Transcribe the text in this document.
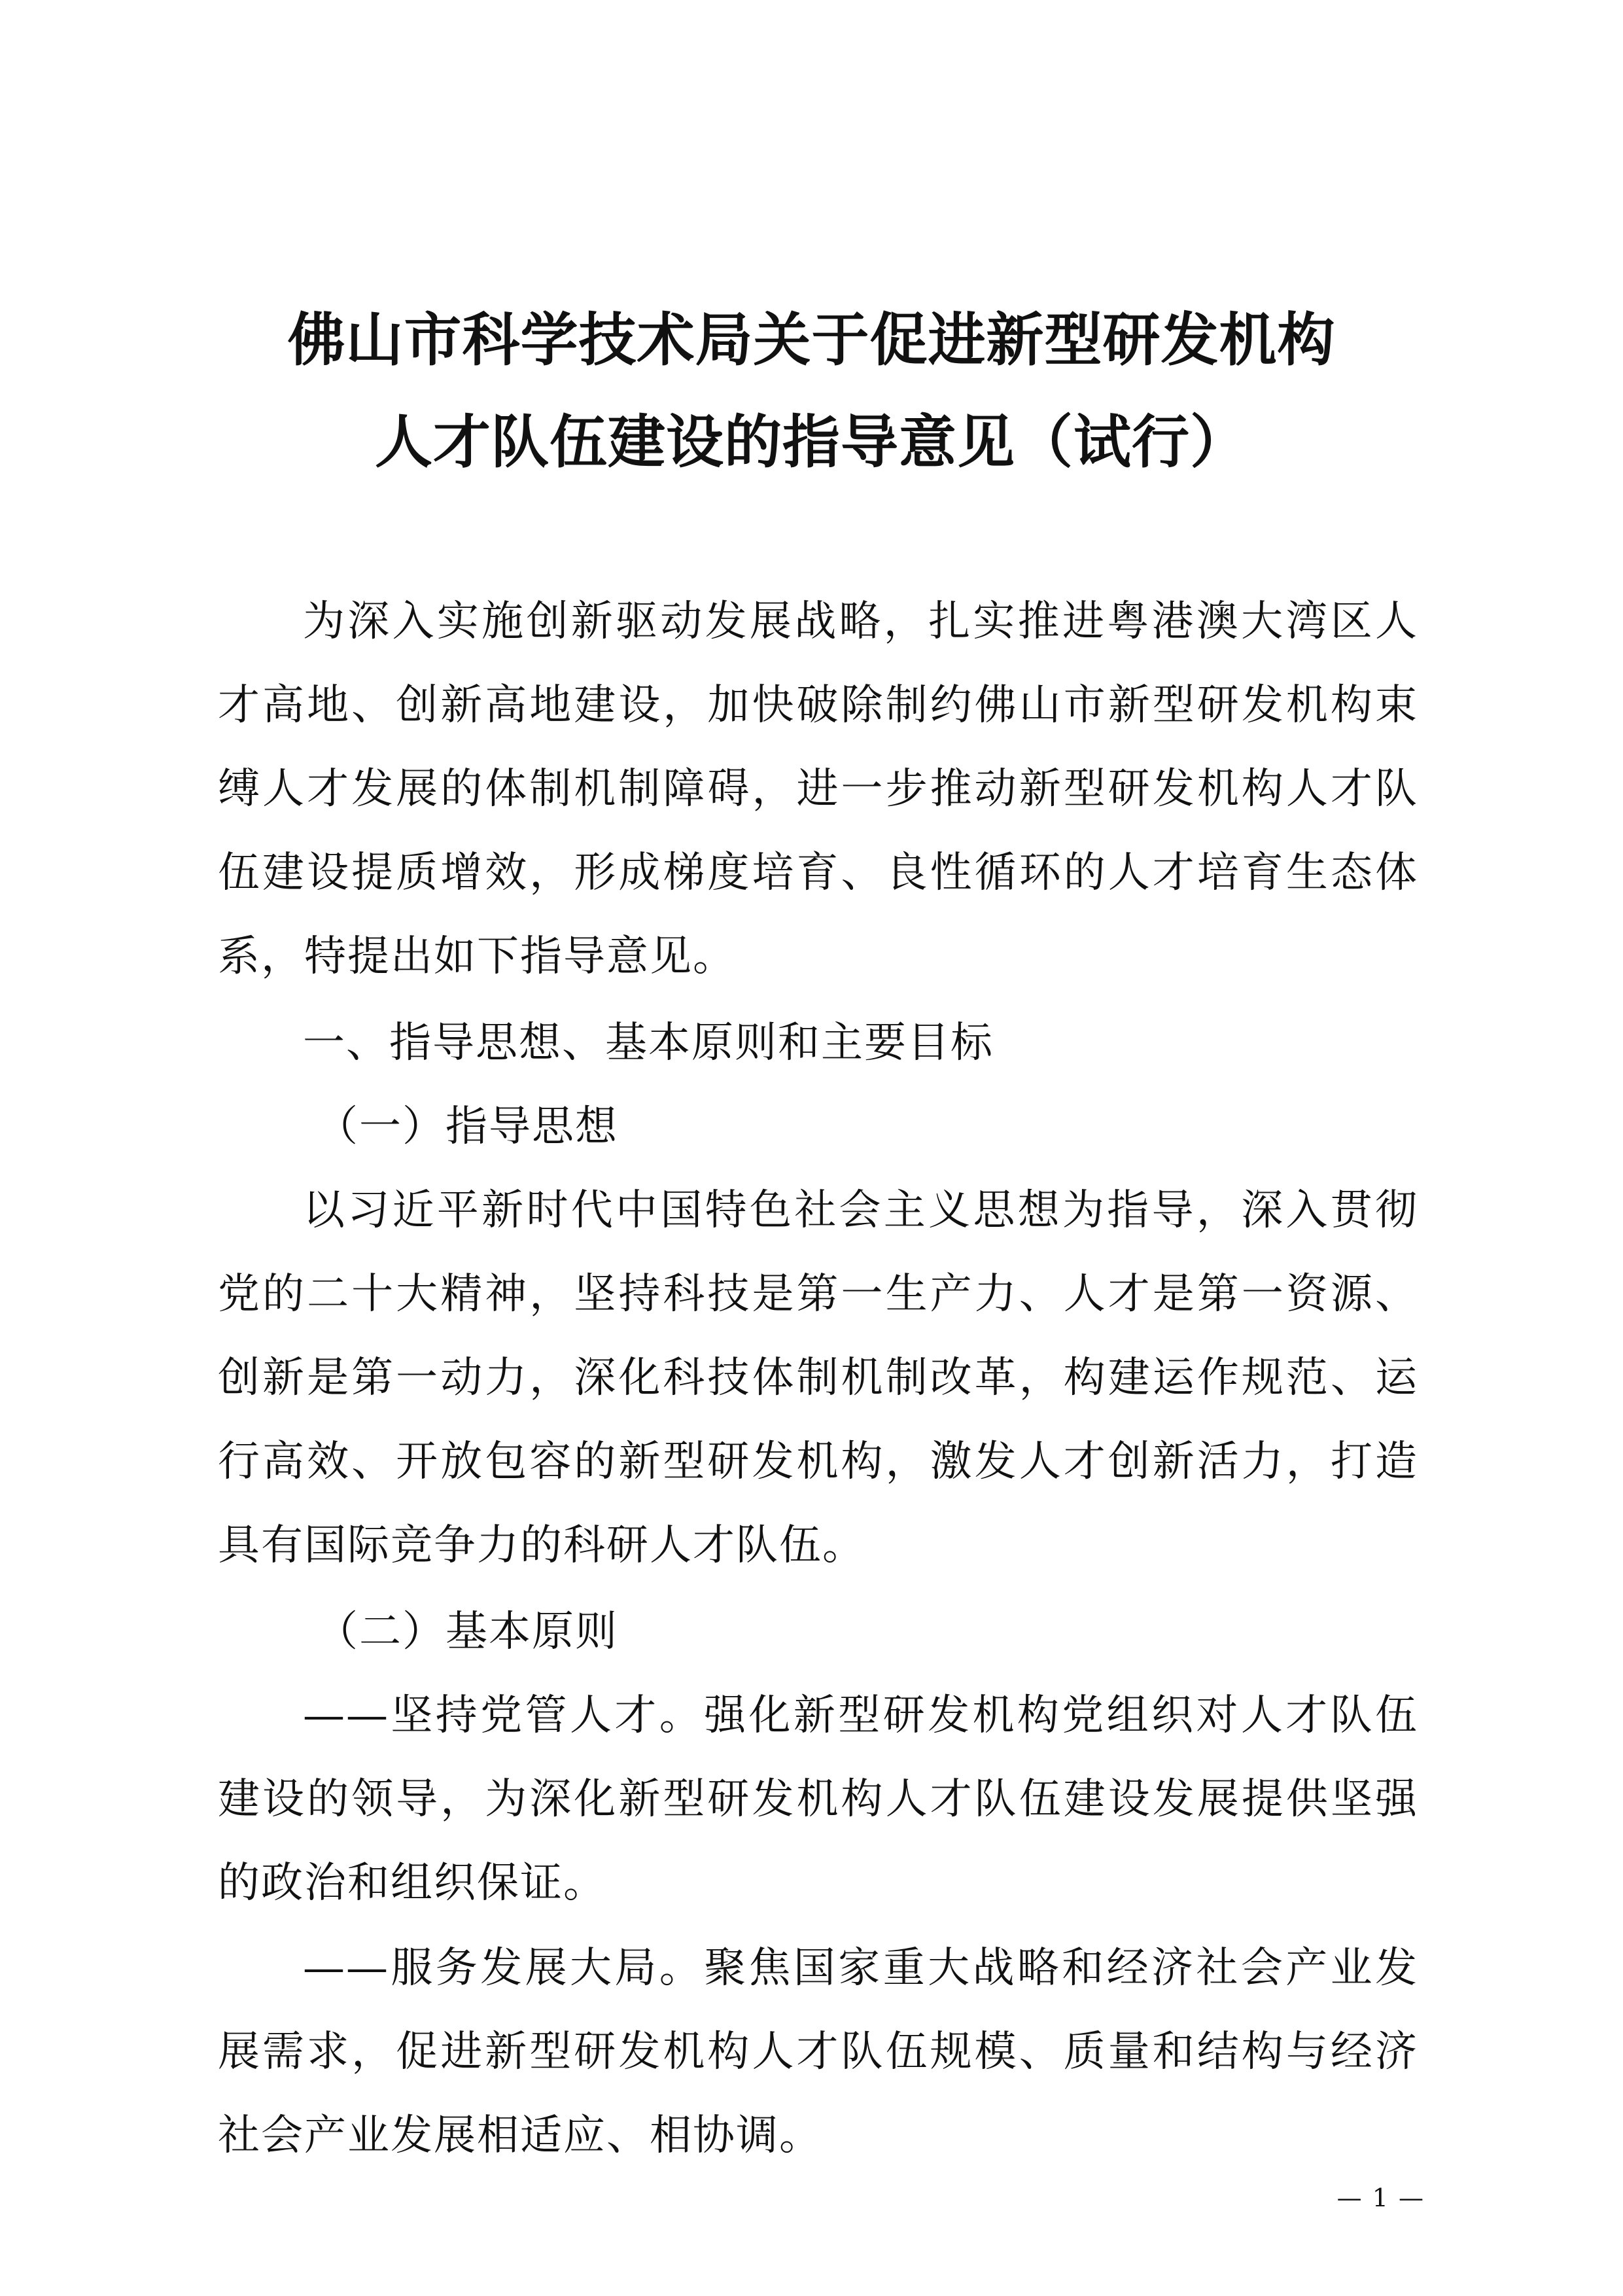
佛山市科学技术局关于促进新型研发机构
人才队伍建设的指导意见（试行）

为深入实施创新驱动发展战略，扎实推进粤港澳大湾区人才高地、创新高地建设，加快破除制约佛山市新型研发机构束缚人才发展的体制机制障碍，进一步推动新型研发机构人才队伍建设提质增效，形成梯度培育、良性循环的人才培育生态体系，特提出如下指导意见。

一、指导思想、基本原则和主要目标
（一）指导思想

以习近平新时代中国特色社会主义思想为指导，深入贯彻党的二十大精神，坚持科技是第一生产力、人才是第一资源、创新是第一动力，深化科技体制机制改革，构建运作规范、运行高效、开放包容的新型研发机构，激发人才创新活力，打造具有国际竞争力的科研人才队伍。

（二）基本原则

——坚持党管人才。强化新型研发机构党组织对人才队伍建设的领导，为深化新型研发机构人才队伍建设发展提供坚强的政治和组织保证。

——服务发展大局。聚焦国家重大战略和经济社会产业发展需求，促进新型研发机构人才队伍规模、质量和结构与经济社会产业发展相适应、相协调。

— 1 —
